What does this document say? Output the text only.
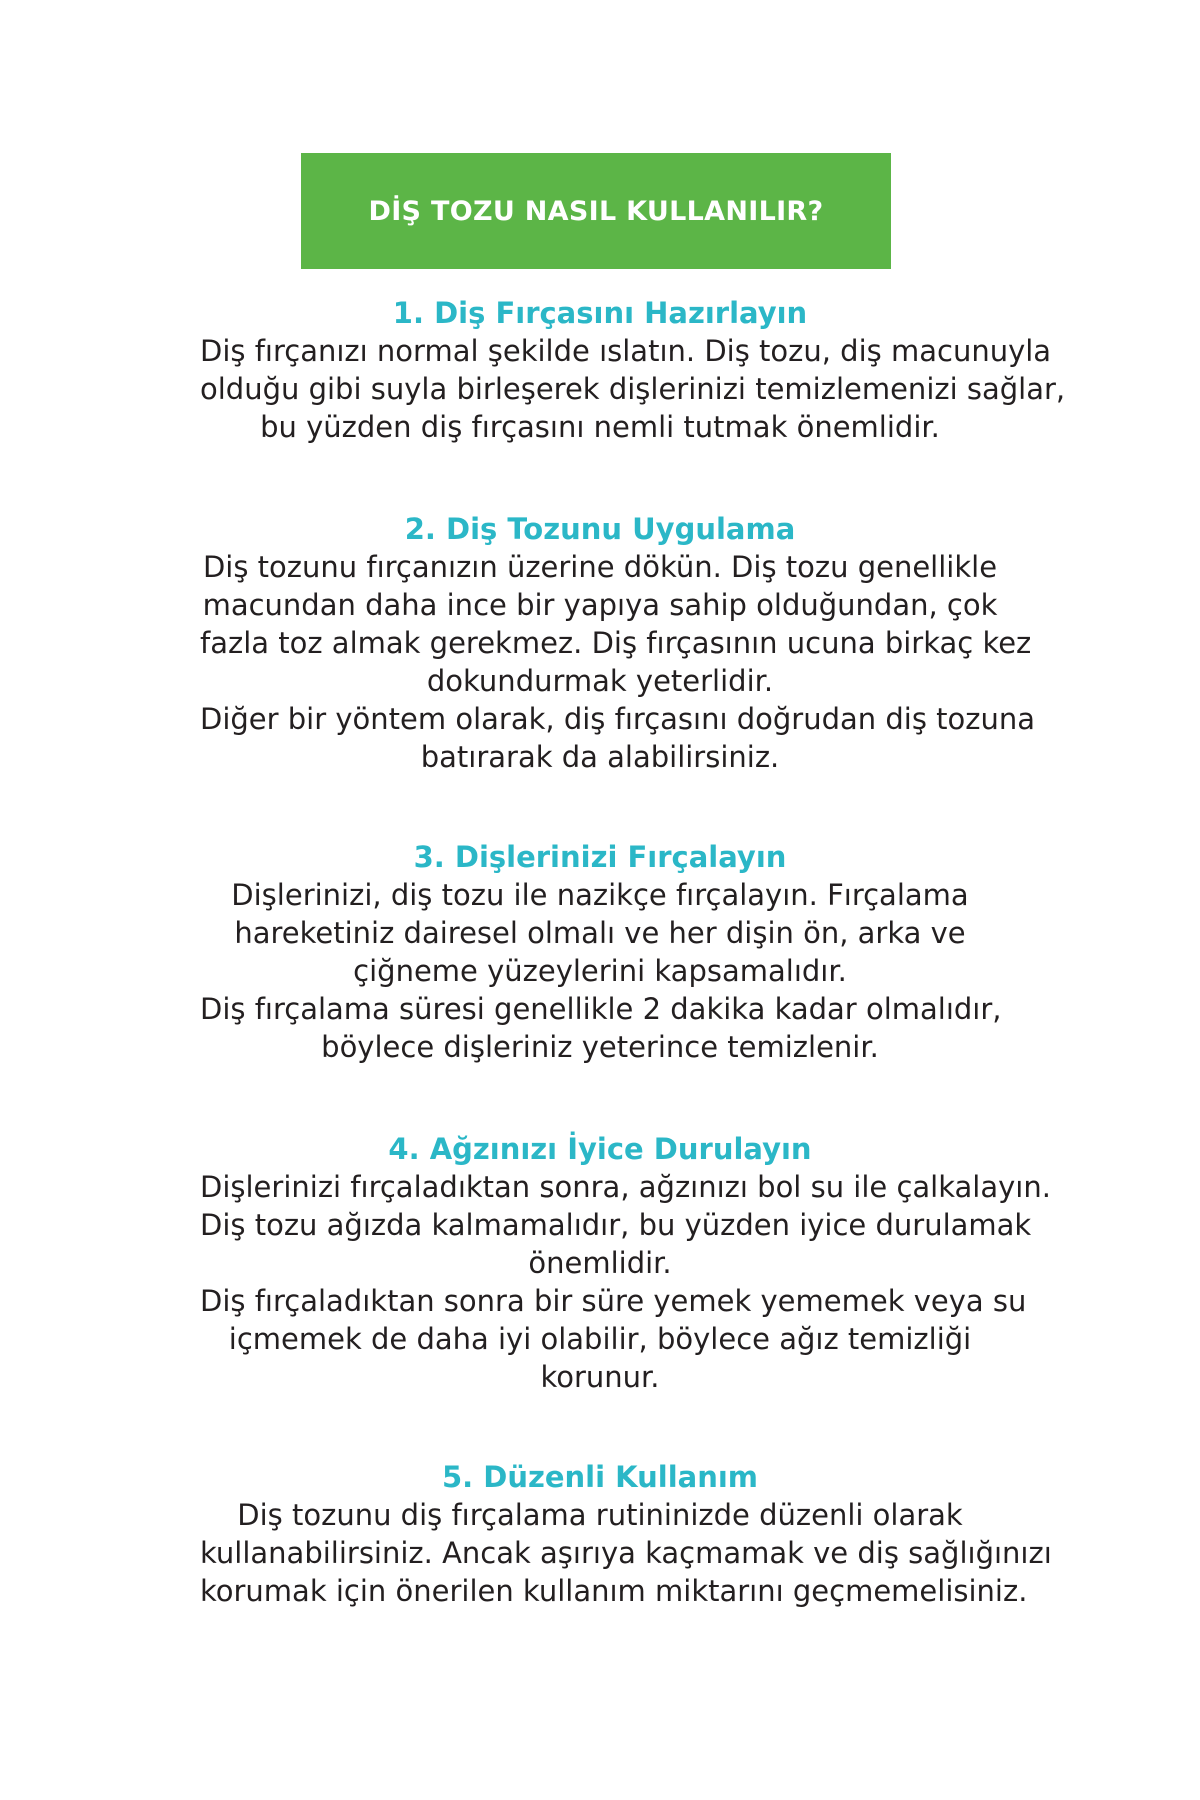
DİŞ TOZU NASIL KULLANILIR?

1. Diş Fırçasını Hazırlayın

Diş fırçanızı normal şekilde ıslatın. Diş tozu, diş macunuyla
olduğu gibi suyla birleşerek dişlerinizi temizlemenizi sağlar,
bu yüzden diş fırçasını nemli tutmak önemlidir.

2. Diş Tozunu Uygulama

Diş tozunu fırçanızın üzerine dökün. Diş tozu genellikle
macundan daha ince bir yapıya sahip olduğundan, çok
fazla toz almak gerekmez. Diş fırçasının ucuna birkaç kez
dokundurmak yeterlidir.
Diğer bir yöntem olarak, diş fırçasını doğrudan diş tozuna
batırarak da alabilirsiniz.

3. Dişlerinizi Fırçalayın

Dişlerinizi, diş tozu ile nazikçe fırçalayın. Fırçalama
hareketiniz dairesel olmalı ve her dişin ön, arka ve
çiğneme yüzeylerini kapsamalıdır.
Diş fırçalama süresi genellikle 2 dakika kadar olmalıdır,
böylece dişleriniz yeterince temizlenir.

4. Ağzınızı İyice Durulayın

Dişlerinizi fırçaladıktan sonra, ağzınızı bol su ile çalkalayın.
Diş tozu ağızda kalmamalıdır, bu yüzden iyice durulamak
önemlidir.
Diş fırçaladıktan sonra bir süre yemek yememek veya su
içmemek de daha iyi olabilir, böylece ağız temizliği
korunur.

5. Düzenli Kullanım

Diş tozunu diş fırçalama rutininizde düzenli olarak
kullanabilirsiniz. Ancak aşırıya kaçmamak ve diş sağlığınızı
korumak için önerilen kullanım miktarını geçmemelisiniz.
